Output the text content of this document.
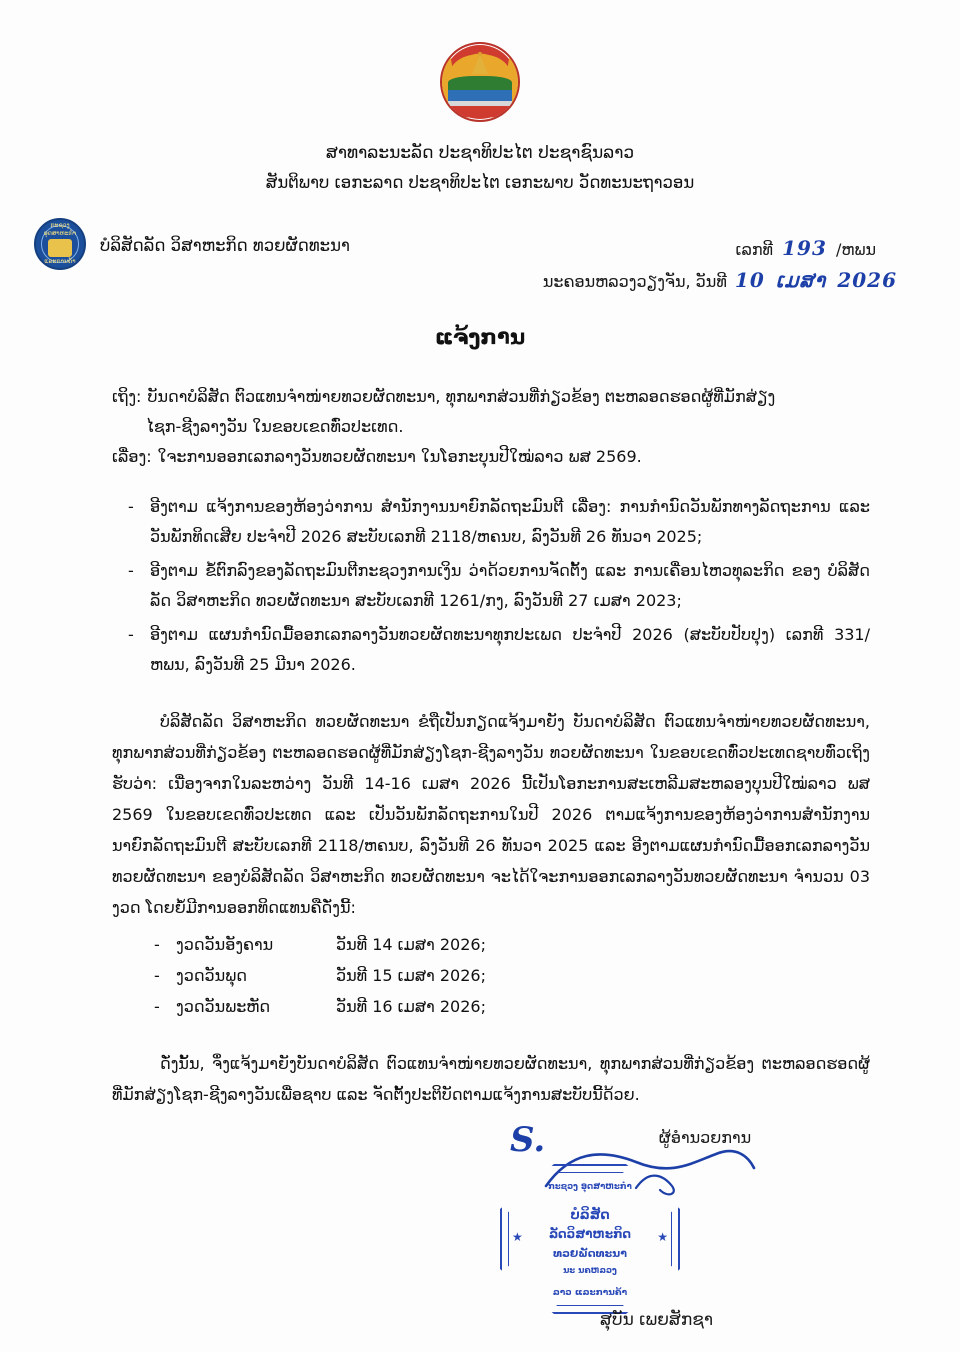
ສາທາລະນະລັດ ປະຊາທິປະໄຕ ປະຊາຊົນລາວ
ສັນຕິພາບ ເອກະລາດ ປະຊາທິປະໄຕ ເອກະພາບ ວັດທະນະຖາວອນ
ກະຊວງອຸດສາຫະກຳ
ແລະການຄ້າ
ບໍລິສັດລັດ ວິສາຫະກິດ ທວຍຜັດທະນາ	ເລກທີ 193 /ຫພນ
ນະຄອນຫລວງວຽງຈັນ, ວັນທີ 10 ເມສາ 2026
ແຈ້ງການ
ເຖິງ: ບັນດາບໍລິສັດ ຕົວແທນຈຳໜ່າຍທວຍຜັດທະນາ, ທຸກພາກສ່ວນທີ່ກ່ຽວຂ້ອງ ຕະຫລອດຮອດຜູ້ທີ່ມັກສ່ຽງ
ໄຊກ-ຊີງລາງວັນ ໃນຂອບເຂດທົ່ວປະເທດ.
ເລື່ອງ: ໃຈະການອອກເລກລາງວັນທວຍຜັດທະນາ ໃນໂອກະບຸນປີໃໝ່ລາວ ພສ 2569.
- ອີງຕາມ ແຈ້ງການຂອງຫ້ອງວ່າການ ສຳນັກງານນາຍົກລັດຖະມົນຕີ ເລື່ອງ: ການກຳນົດວັນພັກທາງລັດຖະການ ແລະ ວັນພັກທິດເສີຍ ປະຈຳປີ 2026 ສະບັບເລກທີ 2118/ຫຄນບ, ລົງວັນທີ 26 ທັນວາ 2025;
- ອີງຕາມ ຂໍ້ຕົກລົງຂອງລັດຖະມົນຕີກະຊວງການເງິນ ວ່າດ້ວຍການຈັດຕັ້ງ ແລະ ການເຄື່ອນໄຫວທຸລະກິດ ຂອງ ບໍລິສັດລັດ ວິສາຫະກິດ ທວຍຜັດທະນາ ສະບັບເລກທີ 1261/ກງ, ລົງວັນທີ 27 ເມສາ 2023;
- ອີງຕາມ ແຜນກຳນົດມື້ອອກເລກລາງວັນທວຍຜັດທະນາທຸກປະເພດ ປະຈຳປີ 2026 (ສະບັບປັບປຸງ) ເລກທີ 331/ຫພນ, ລົງວັນທີ 25 ມີນາ 2026.

ບໍລິສັດລັດ ວິສາຫະກິດ ທວຍຜັດທະນາ ຂໍຖືເປັນກຽດແຈ້ງມາຍັງ ບັນດາບໍລິສັດ ຕົວແທນຈຳໜ່າຍທວຍຜັດທະນາ, ທຸກພາກສ່ວນທີ່ກ່ຽວຂ້ອງ ຕະຫລອດຮອດຜູ້ທີ່ມັກສ່ຽງໂຊກ-ຊີງລາງວັນ ທວຍຜັດທະນາ ໃນຂອບເຂດທົ່ວປະເທດຊາບທົ່ວເຖິງຮັບວ່າ: ເນື່ອງຈາກໃນລະຫວ່າງ ວັນທີ 14-16 ເມສາ 2026 ນີ້ເປັນໂອກະການສະເຫລີມສະຫລອງບຸນປີໃໝ່ລາວ ພສ 2569 ໃນຂອບເຂດທົ່ວປະເທດ ແລະ ເປັນວັນພັກລັດຖະການໃນປີ 2026 ຕາມແຈ້ງການຂອງຫ້ອງວ່າການສຳນັກງານນາຍົກລັດຖະມົນຕີ ສະບັບເລກທີ 2118/ຫຄນບ, ລົງວັນທີ 26 ທັນວາ 2025 ແລະ ອີງຕາມແຜນກຳນົດມື້ອອກເລກລາງວັນທວຍຜັດທະນາ ຂອງບໍລິສັດລັດ ວິສາຫະກິດ ທວຍຜັດທະນາ ຈະໄດ້ໃຈະການອອກເລກລາງວັນທວຍຜັດທະນາ ຈຳນວນ 03 ງວດ ໂດຍຍໍ້ມີການອອກທິດແທນຄືດັ່ງນີ້:

- ງວດວັນອັງຄານ	ວັນທີ 14 ເມສາ 2026;
- ງວດວັນພຸດ	ວັນທີ 15 ເມສາ 2026;
- ງວດວັນພະຫັດ	ວັນທີ 16 ເມສາ 2026;

ດັ່ງນັ້ນ, ຈຶ່ງແຈ້ງມາຍັງບັນດາບໍລິສັດ ຕົວແທນຈຳໜ່າຍທວຍຜັດທະນາ, ທຸກພາກສ່ວນທີ່ກ່ຽວຂ້ອງ ຕະຫລອດຮອດຜູ້ທີ່ມັກສ່ຽງໂຊກ-ຊີງລາງວັນເພື່ອຊາບ ແລະ ຈັດຕັ້ງປະຕິບັດຕາມແຈ້ງການສະບັບນີ້ດ້ວຍ.

ຜູ້ອຳນວຍການ
S.
ກະຊວງ ອຸດສາຫະກຳ
ບໍລິສັດ
ລັດວິສາຫະກິດ
ທວຍພັດທະນາ
ນະ ນຄຫລວງ
ລາວ ແລະການຄ້າ
★	★
ສຸບັນ ເພຍສັກຊາ
